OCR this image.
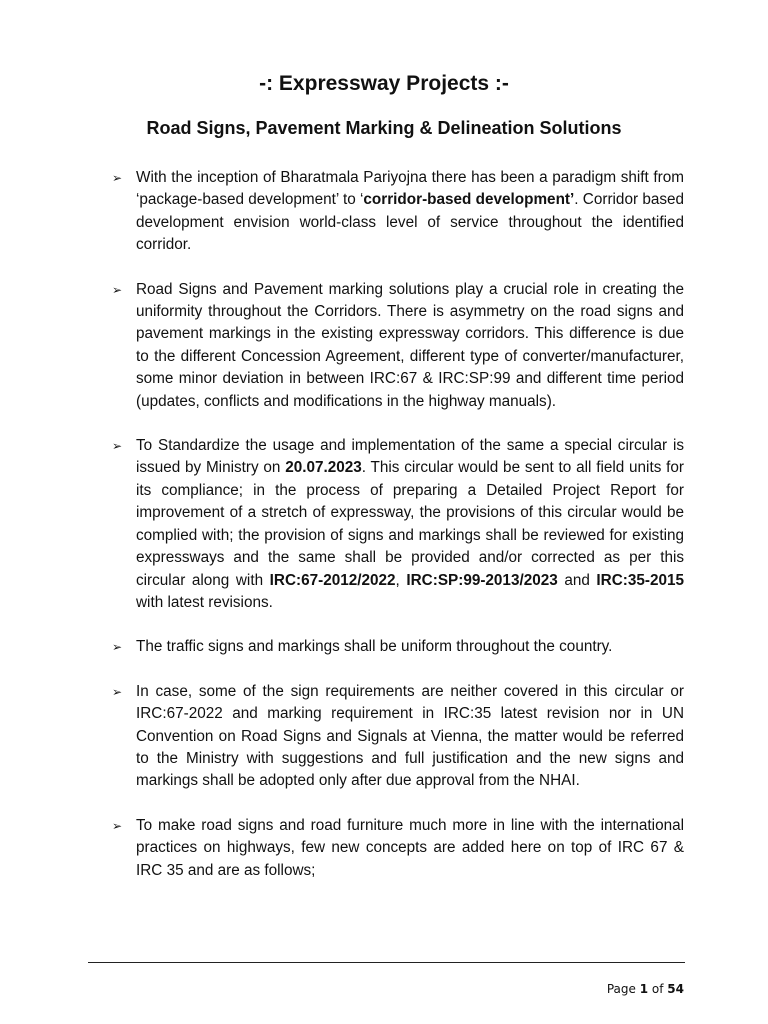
-: Expressway Projects :-
Road Signs, Pavement Marking & Delineation Solutions
➢ With the inception of Bharatmala Pariyojna there has been a paradigm shift from ‘package-based development’ to ‘corridor-based development’. Corridor based development envision world-class level of service throughout the identified corridor.

➢ Road Signs and Pavement marking solutions play a crucial role in creating the uniformity throughout the Corridors. There is asymmetry on the road signs and pavement markings in the existing expressway corridors. This difference is due to the different Concession Agreement, different type of converter/manufacturer, some minor deviation in between IRC:67 & IRC:SP:99 and different time period (updates, conflicts and modifications in the highway manuals).

➢ To Standardize the usage and implementation of the same a special circular is issued by Ministry on 20.07.2023. This circular would be sent to all field units for its compliance; in the process of preparing a Detailed Project Report for improvement of a stretch of expressway, the provisions of this circular would be complied with; the provision of signs and markings shall be reviewed for existing expressways and the same shall be provided and/or corrected as per this circular along with IRC:67-2012/2022, IRC:SP:99-2013/2023 and IRC:35-2015 with latest revisions.

➢ The traffic signs and markings shall be uniform throughout the country.

➢ In case, some of the sign requirements are neither covered in this circular or IRC:67-2022 and marking requirement in IRC:35 latest revision nor in UN Convention on Road Signs and Signals at Vienna, the matter would be referred to the Ministry with suggestions and full justification and the new signs and markings shall be adopted only after due approval from the NHAI.

➢ To make road signs and road furniture much more in line with the international practices on highways, few new concepts are added here on top of IRC 67 & IRC 35 and are as follows;

Page 1 of 54
